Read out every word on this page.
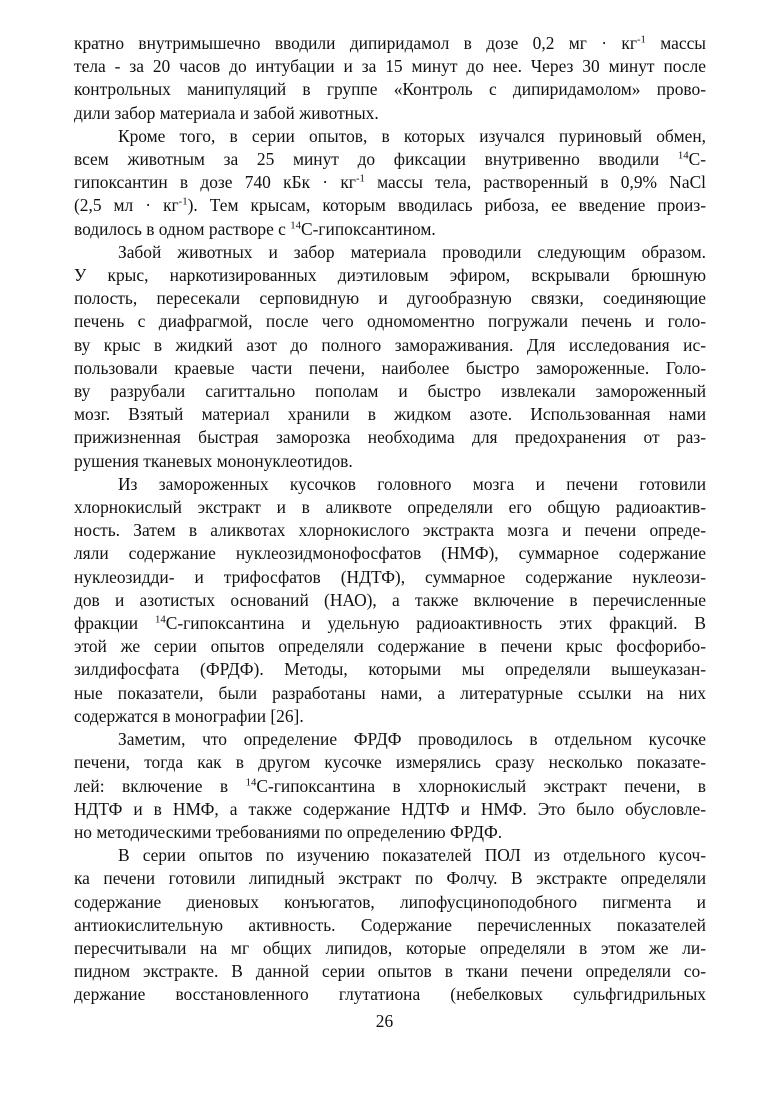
кратно внутримышечно вводили дипиридамол в дозе 0,2 мг · $кг^{-1}$ массы
тела - за 20 часов до интубации и за 15 минут до нее. Через 30 минут после
контрольных манипуляций в группе «Контроль с дипиридамолом» прово-
дили забор материала и забой животных.
Кроме того, в серии опытов, в которых изучался пуриновый обмен,
всем животным за 25 минут до фиксации внутривенно вводили $^{14}$С-
гипоксантин в дозе 740 кБк · $кг^{-1}$ массы тела, растворенный в 0,9% NaCl
(2,5 мл · $кг^{-1}$). Тем крысам, которым вводилась рибоза, ее введение произ-
водилось в одном растворе с $^{14}$С-гипоксантином.
Забой животных и забор материала проводили следующим образом.
У крыс, наркотизированных диэтиловым эфиром, вскрывали брюшную
полость, пересекали серповидную и дугообразную связки, соединяющие
печень с диафрагмой, после чего одномоментно погружали печень и голо-
ву крыс в жидкий азот до полного замораживания. Для исследования ис-
пользовали краевые части печени, наиболее быстро замороженные. Голо-
ву разрубали сагиттально пополам и быстро извлекали замороженный
мозг. Взятый материал хранили в жидком азоте. Использованная нами
прижизненная быстрая заморозка необходима для предохранения от раз-
рушения тканевых мононуклеотидов.
Из замороженных кусочков головного мозга и печени готовили
хлорнокислый экстракт и в аликвоте определяли его общую радиоактив-
ность. Затем в аликвотах хлорнокислого экстракта мозга и печени опреде-
ляли содержание нуклеозидмонофосфатов (НМФ), суммарное содержание
нуклеозидди- и трифосфатов (НДТФ), суммарное содержание нуклеози-
дов и азотистых оснований (НАО), а также включение в перечисленные
фракции $^{14}$С-гипоксантина и удельную радиоактивность этих фракций. В
этой же серии опытов определяли содержание в печени крыс фосфорибо-
зилдифосфата (ФРДФ). Методы, которыми мы определяли вышеуказан-
ные показатели, были разработаны нами, а литературные ссылки на них
содержатся в монографии [26].
Заметим, что определение ФРДФ проводилось в отдельном кусочке
печени, тогда как в другом кусочке измерялись сразу несколько показате-
лей: включение в $^{14}$С-гипоксантина в хлорнокислый экстракт печени, в
НДТФ и в НМФ, а также содержание НДТФ и НМФ. Это было обусловле-
но методическими требованиями по определению ФРДФ.
В серии опытов по изучению показателей ПОЛ из отдельного кусоч-
ка печени готовили липидный экстракт по Фолчу. В экстракте определяли
содержание диеновых конъюгатов, липофусциноподобного пигмента и
антиокислительную активность. Содержание перечисленных показателей
пересчитывали на мг общих липидов, которые определяли в этом же ли-
пидном экстракте. В данной серии опытов в ткани печени определяли со-
держание восстановленного глутатиона (небелковых сульфгидрильных
26
